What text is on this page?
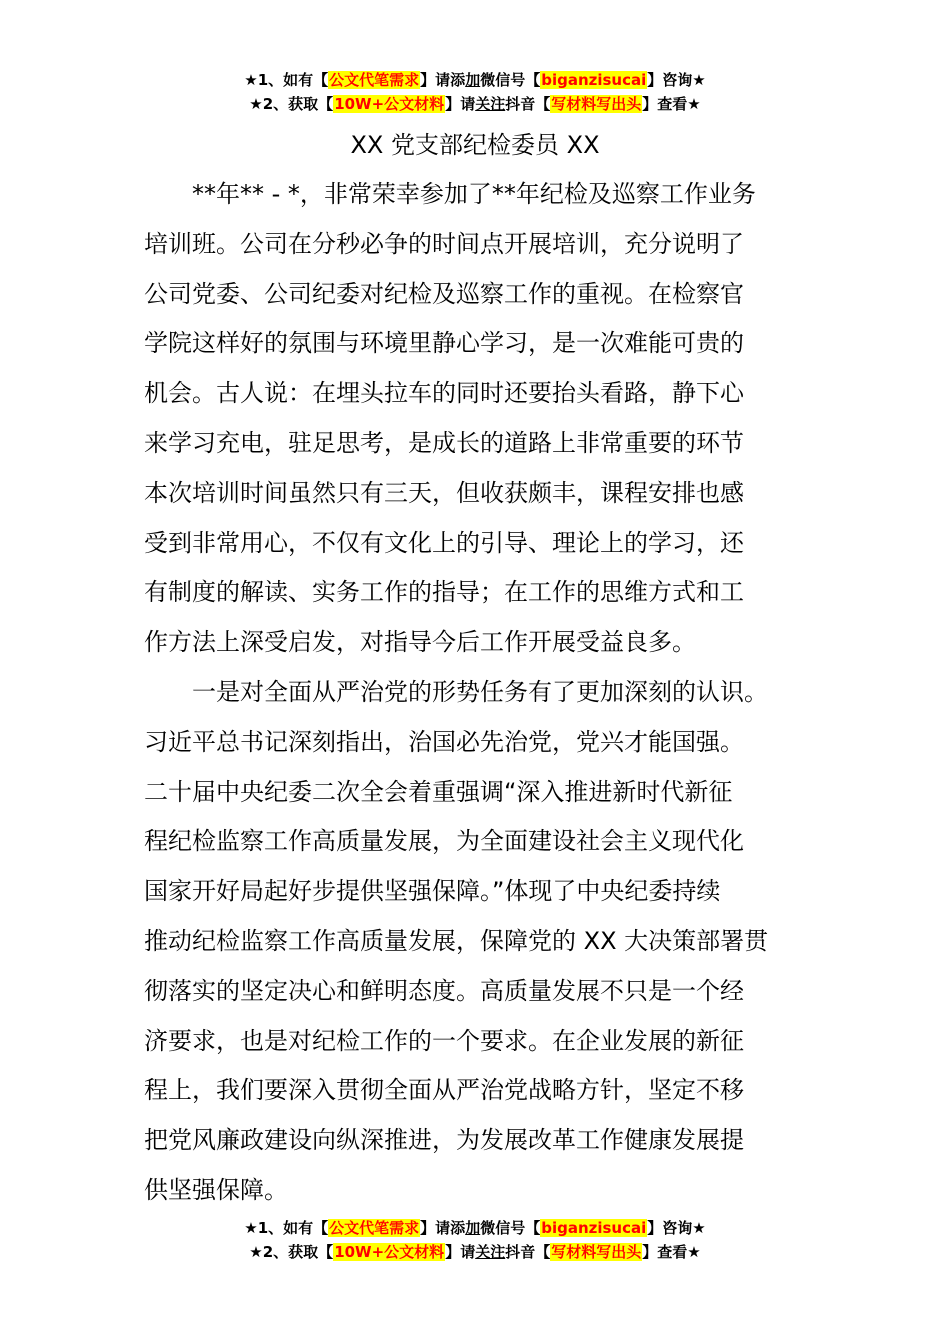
★1、如有【公文代笔需求】请添加微信号【biganzisucai】咨询★
★2、获取【10W+公文材料】请关注抖音【写材料写出头】查看★
XX 党支部纪检委员 XX

　　**年** - *，非常荣幸参加了**年纪检及巡察工作业务

培训班。公司在分秒必争的时间点开展培训，充分说明了

公司党委、公司纪委对纪检及巡察工作的重视。在检察官

学院这样好的氛围与环境里静心学习，是一次难能可贵的

机会。古人说：在埋头拉车的同时还要抬头看路，静下心

来学习充电，驻足思考，是成长的道路上非常重要的环节

本次培训时间虽然只有三天，但收获颇丰，课程安排也感

受到非常用心，不仅有文化上的引导、理论上的学习，还

有制度的解读、实务工作的指导；在工作的思维方式和工

作方法上深受启发，对指导今后工作开展受益良多。

　　一是对全面从严治党的形势任务有了更加深刻的认识。

习近平总书记深刻指出，治国必先治党，党兴才能国强。

二十届中央纪委二次全会着重强调“深入推进新时代新征

程纪检监察工作高质量发展，为全面建设社会主义现代化

国家开好局起好步提供坚强保障。”体现了中央纪委持续

推动纪检监察工作高质量发展，保障党的 XX 大决策部署贯

彻落实的坚定决心和鲜明态度。高质量发展不只是一个经

济要求，也是对纪检工作的一个要求。在企业发展的新征

程上，我们要深入贯彻全面从严治党战略方针，坚定不移

把党风廉政建设向纵深推进，为发展改革工作健康发展提

供坚强保障。

★1、如有【公文代笔需求】请添加微信号【biganzisucai】咨询★
★2、获取【10W+公文材料】请关注抖音【写材料写出头】查看★
